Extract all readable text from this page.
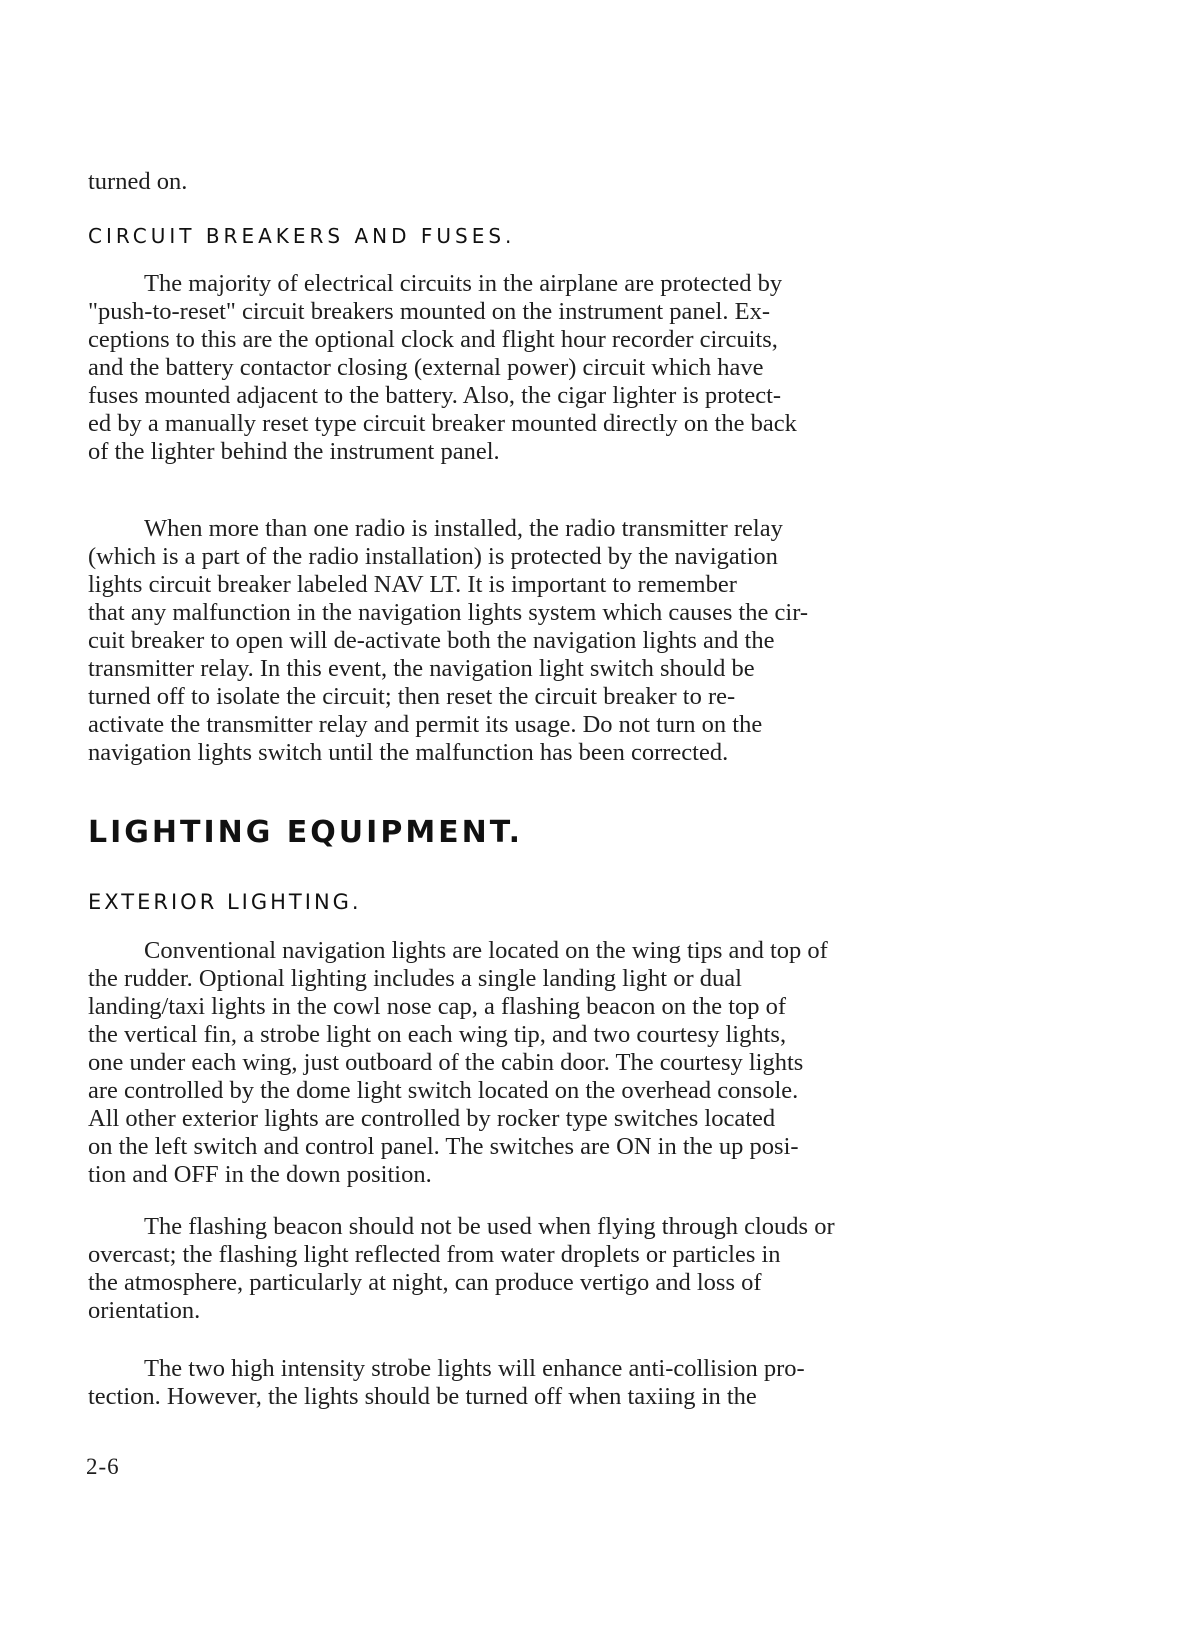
turned on.
CIRCUIT BREAKERS AND FUSES.
The majority of electrical circuits in the airplane are protected by
"push-to-reset" circuit breakers mounted on the instrument panel. Ex-
ceptions to this are the optional clock and flight hour recorder circuits,
and the battery contactor closing (external power) circuit which have
fuses mounted adjacent to the battery. Also, the cigar lighter is protect-
ed by a manually reset type circuit breaker mounted directly on the back
of the lighter behind the instrument panel.
When more than one radio is installed, the radio transmitter relay
(which is a part of the radio installation) is protected by the navigation
lights circuit breaker labeled NAV LT. It is important to remember
that any malfunction in the navigation lights system which causes the cir-
cuit breaker to open will de-activate both the navigation lights and the
transmitter relay. In this event, the navigation light switch should be
turned off to isolate the circuit; then reset the circuit breaker to re-
activate the transmitter relay and permit its usage. Do not turn on the
navigation lights switch until the malfunction has been corrected.
LIGHTING EQUIPMENT.
EXTERIOR LIGHTING.
Conventional navigation lights are located on the wing tips and top of
the rudder. Optional lighting includes a single landing light or dual
landing/taxi lights in the cowl nose cap, a flashing beacon on the top of
the vertical fin, a strobe light on each wing tip, and two courtesy lights,
one under each wing, just outboard of the cabin door. The courtesy lights
are controlled by the dome light switch located on the overhead console.
All other exterior lights are controlled by rocker type switches located
on the left switch and control panel. The switches are ON in the up posi-
tion and OFF in the down position.
The flashing beacon should not be used when flying through clouds or
overcast; the flashing light reflected from water droplets or particles in
the atmosphere, particularly at night, can produce vertigo and loss of
orientation.
The two high intensity strobe lights will enhance anti-collision pro-
tection. However, the lights should be turned off when taxiing in the
2-6
